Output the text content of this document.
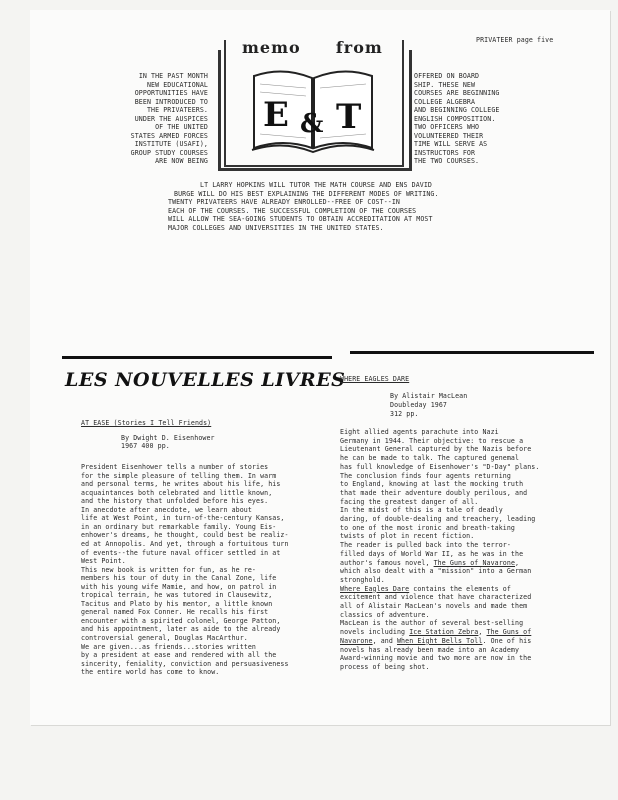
PRIVATEER page five
IN THE PAST MONTH
NEW EDUCATIONAL
OPPORTUNITIES HAVE
BEEN INTRODUCED TO
THE PRIVATEERS.
UNDER THE AUSPICES
OF THE UNITED
STATES ARMED FORCES
INSTITUTE (USAFI),
GROUP STUDY COURSES
ARE NOW BEING
OFFERED ON BOARD
SHIP. THESE NEW
COURSES ARE BEGINNING
COLLEGE ALGEBRA
AND BEGINNING COLLEGE
ENGLISH COMPOSITION.
TWO OFFICERS WHO
VOLUNTEERED THEIR
TIME WILL SERVE AS
INSTRUCTORS FOR
THE TWO COURSES.
memo from
E & T
LT LARRY HOPKINS WILL TUTOR THE MATH COURSE AND ENS DAVID
BURGE WILL DO HIS BEST EXPLAINING THE DIFFERENT MODES OF WRITING.
TWENTY PRIVATEERS HAVE ALREADY ENROLLED--FREE OF COST--IN
EACH OF THE COURSES. THE SUCCESSFUL COMPLETION OF THE COURSES
WILL ALLOW THE SEA-GOING STUDENTS TO OBTAIN ACCREDITATION AT MOST
MAJOR COLLEGES AND UNIVERSITIES IN THE UNITED STATES.
LES NOUVELLES LIVRES
AT EASE (Stories I Tell Friends)
By Dwight D. Eisenhower
1967 400 pp.
President Eisenhower tells a number of stories
for the simple pleasure of telling them. In warm
and personal terms, he writes about his life, his
acquaintances both celebrated and little known,
and the history that unfolded before his eyes.
In anecdote after anecdote, we learn about
life at West Point, in turn-of-the-century Kansas,
in an ordinary but remarkable family. Young Eis-
enhower's dreams, he thought, could best be realiz-
ed at Annopolis. And yet, through a fortuitous turn
of events--the future naval officer settled in at
West Point.
This new book is written for fun, as he re-
members his tour of duty in the Canal Zone, life
with his young wife Mamie, and how, on patrol in
tropical terrain, he was tutored in Clausewitz,
Tacitus and Plato by his mentor, a little known
general named Fox Conner. He recalls his first
encounter with a spirited colonel, George Patton,
and his appointment, later as aide to the already
controversial general, Douglas MacArthur.
We are given...as friends...stories written
by a president at ease and rendered with all the
sincerity, feniality, conviction and persuasiveness
the entire world has come to know.
WHERE EAGLES DARE
By Alistair MacLean
Doubleday 1967
312 pp.
Eight allied agents parachute into Nazi
Germany in 1944. Their objective: to rescue a
Lieutenant General captured by the Nazis before
he can be made to talk. The captured genemal
has full knowledge of Eisenhower's "D-Day" plans.
The conclusion finds four agents returning
to England, knowing at last the mocking truth
that made their adventure doubly perilous, and
facing the greatest danger of all.
In the midst of this is a tale of deadly
daring, of double-dealing and treachery, leading
to one of the most ironic and breath-taking
twists of plot in recent fiction.
The reader is pulled back into the terror-
filled days of World War II, as he was in the
author's famous novel, The Guns of Navarone,
which also dealt with a "mission" into a German
stronghold.
Where Eagles Dare contains the elements of
excitement and violence that have characterized
all of Alistair MacLean's novels and made them
classics of adventure.
MacLean is the author of several best-selling
novels including Ice Station Zebra, The Guns of
Navarone, and When Eight Bells Toll. One of his
novels has already been made into an Academy
Award-winning movie and two more are now in the
process of being shot.
